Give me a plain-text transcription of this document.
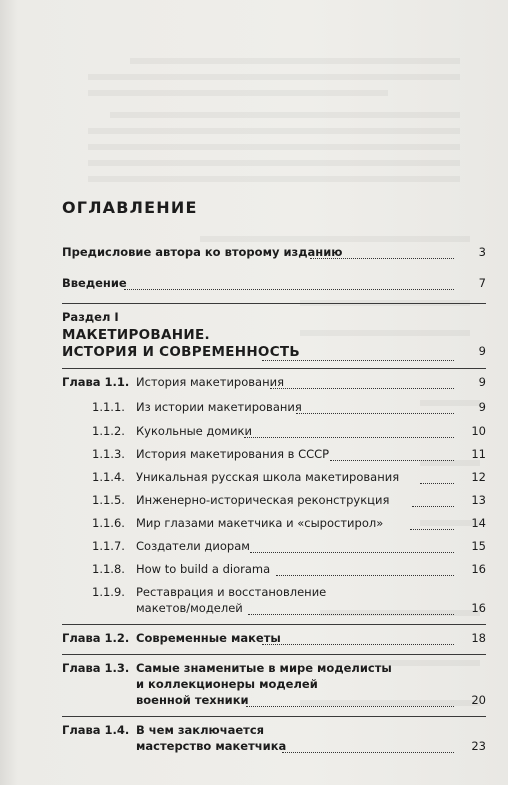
ОГЛАВЛЕНИЕ
Предисловие автора ко второму изданию	3
Введение	7
Раздел I
МАКЕТИРОВАНИЕ.
ИСТОРИЯ И СОВРЕМЕННОСТЬ	9
Глава 1.1. История макетирования	9
1.1.1. Из истории макетирования	9
1.1.2. Кукольные домики	10
1.1.3. История макетирования в СССР	11
1.1.4. Уникальная русская школа макетирования	12
1.1.5. Инженерно-историческая реконструкция	13
1.1.6. Мир глазами макетчика и «сыростирол»	14
1.1.7. Создатели диорам	15
1.1.8. How to build a diorama	16
1.1.9. Реставрация и восстановление
макетов/моделей	16
Глава 1.2. Современные макеты	18
Глава 1.3. Самые знаменитые в мире моделисты
и коллекционеры моделей
военной техники	20
Глава 1.4. В чем заключается
мастерство макетчика	23
